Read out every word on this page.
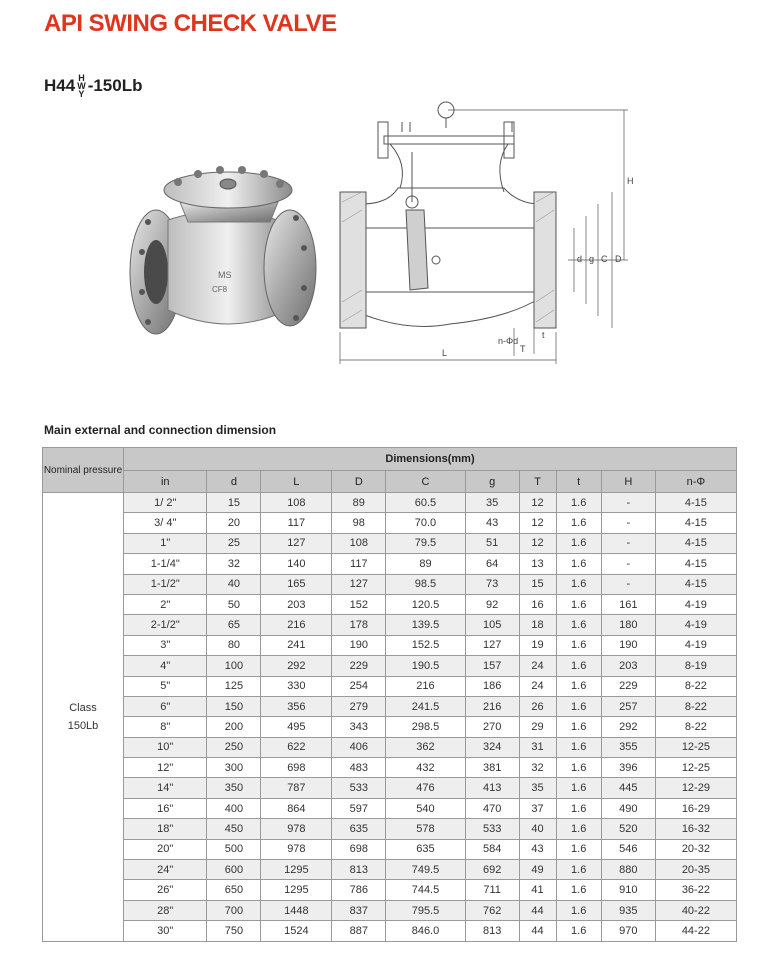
API SWING CHECK VALVE
H44 H
W
Y -150Lb
MS
CF8
H
D
C
g
d
L
n-Φd
T
t
Main external and connection dimension
Nominal pressure	Dimensions(mm)									
	in	d	L	D	C	g	T	t	H	n-Φ

Class
150Lb	1/ 2"	15	108	89	60.5	35	12	1.6	-	4-15
	3/ 4"	20	117	98	70.0	43	12	1.6	-	4-15
	1"	25	127	108	79.5	51	12	1.6	-	4-15
	1-1/4"	32	140	117	89	64	13	1.6	-	4-15
	1-1/2"	40	165	127	98.5	73	15	1.6	-	4-15
	2"	50	203	152	120.5	92	16	1.6	161	4-19
	2-1/2"	65	216	178	139.5	105	18	1.6	180	4-19
	3"	80	241	190	152.5	127	19	1.6	190	4-19
	4"	100	292	229	190.5	157	24	1.6	203	8-19
	5"	125	330	254	216	186	24	1.6	229	8-22
	6"	150	356	279	241.5	216	26	1.6	257	8-22
	8"	200	495	343	298.5	270	29	1.6	292	8-22
	10"	250	622	406	362	324	31	1.6	355	12-25
	12"	300	698	483	432	381	32	1.6	396	12-25
	14"	350	787	533	476	413	35	1.6	445	12-29
	16"	400	864	597	540	470	37	1.6	490	16-29
	18"	450	978	635	578	533	40	1.6	520	16-32
	20"	500	978	698	635	584	43	1.6	546	20-32
	24"	600	1295	813	749.5	692	49	1.6	880	20-35
	26"	650	1295	786	744.5	711	41	1.6	910	36-22
	28"	700	1448	837	795.5	762	44	1.6	935	40-22
	30"	750	1524	887	846.0	813	44	1.6	970	44-22
